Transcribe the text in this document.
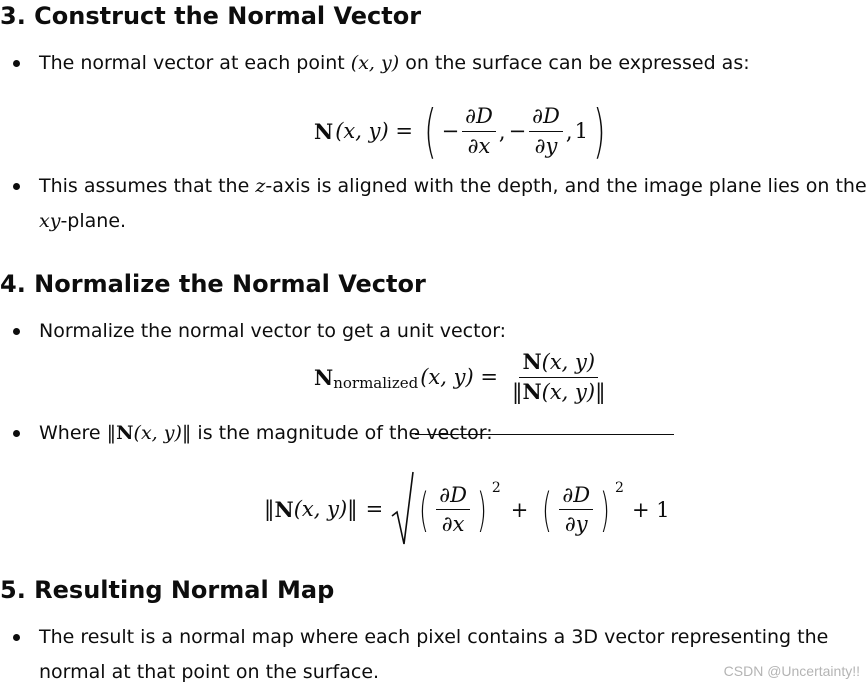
3. Construct the Normal Vector
The normal vector at each point (x, y) on the surface can be expressed as:
N (x, y) = ( − $\frac{\partial D}{\partial x}$ , − $\frac{\partial D}{\partial y}$ , 1 )
This assumes that the z-axis is aligned with the depth, and the image plane lies on the
xy-plane.
4. Normalize the Normal Vector
Normalize the normal vector to get a unit vector:
N normalized (x, $y) = \frac{N(x, y)}{‖N(x, y)‖}$
Where ‖N(x, y)‖ is the magnitude of the vector:
‖ N (x, y) ‖ = ( $\frac{\partial D}{\partial x}$ ) 2
+ ( $\frac{\partial D}{\partial y}$ ) 2
+ 1
5. Resulting Normal Map
The result is a normal map where each pixel contains a 3D vector representing the
normal at that point on the surface.	CSDN @Uncertainty!!
